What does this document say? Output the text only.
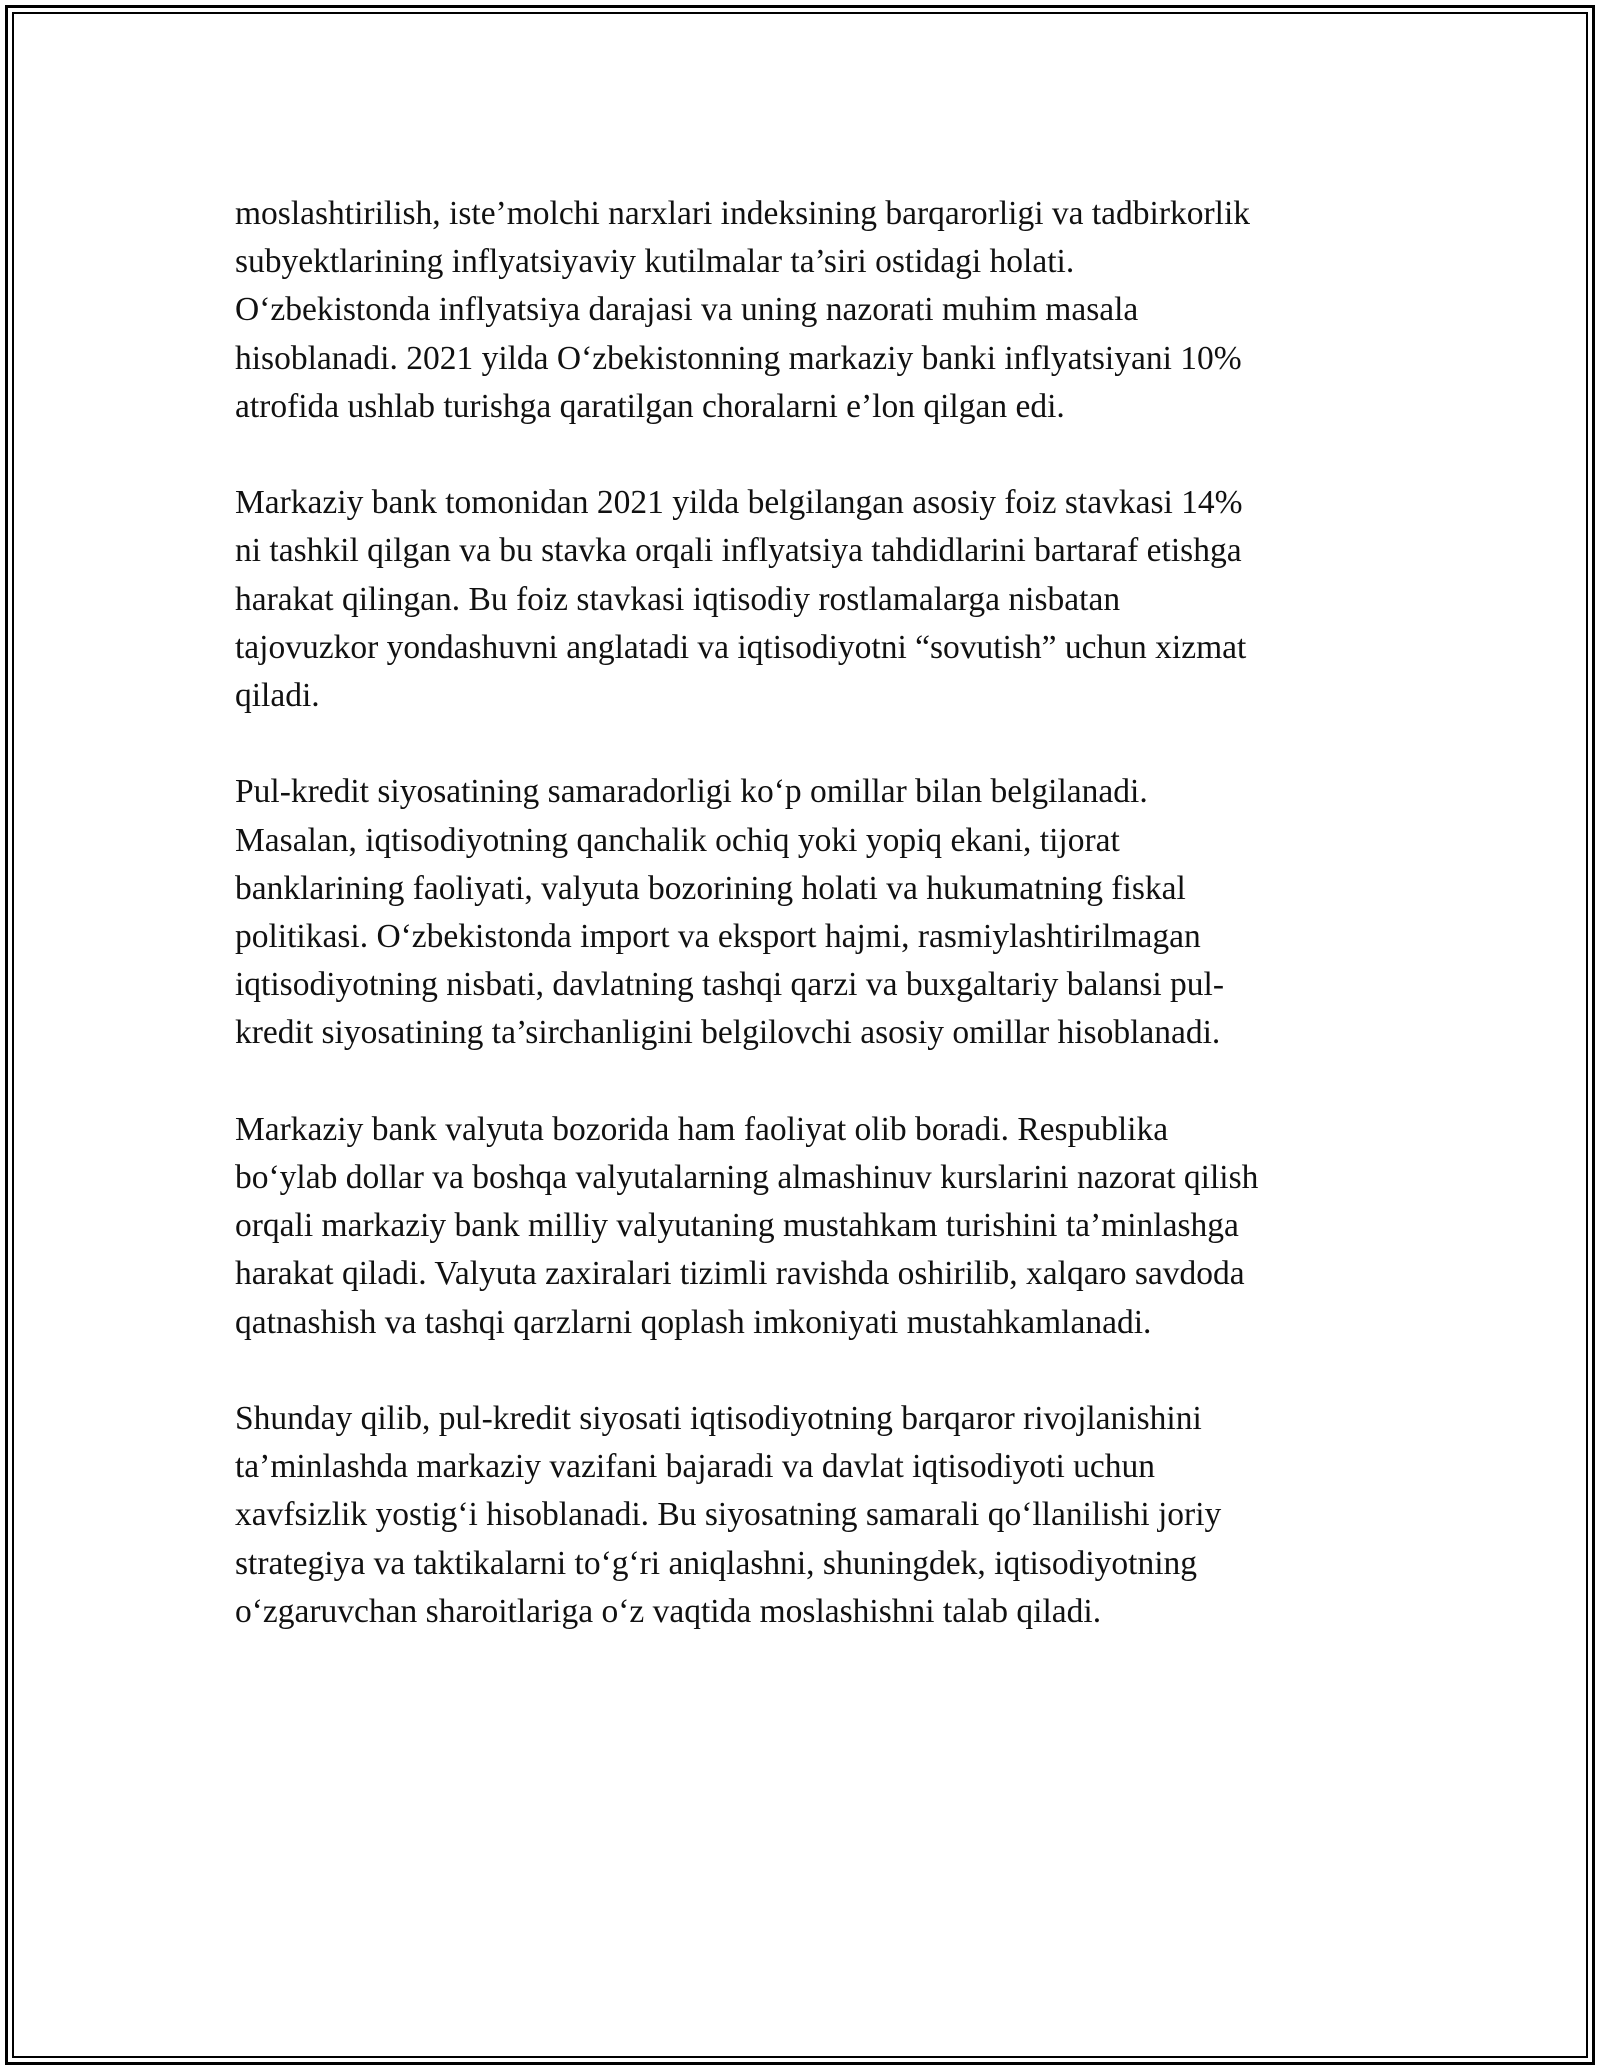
moslashtirilish, iste’molchi narxlari indeksining barqarorligi va tadbirkorlik
subyektlarining inflyatsiyaviy kutilmalar ta’siri ostidagi holati.
O‘zbekistonda inflyatsiya darajasi va uning nazorati muhim masala
hisoblanadi. 2021 yilda O‘zbekistonning markaziy banki inflyatsiyani 10%
atrofida ushlab turishga qaratilgan choralarni e’lon qilgan edi.

Markaziy bank tomonidan 2021 yilda belgilangan asosiy foiz stavkasi 14%
ni tashkil qilgan va bu stavka orqali inflyatsiya tahdidlarini bartaraf etishga
harakat qilingan. Bu foiz stavkasi iqtisodiy rostlamalarga nisbatan
tajovuzkor yondashuvni anglatadi va iqtisodiyotni “sovutish” uchun xizmat
qiladi.

Pul-kredit siyosatining samaradorligi ko‘p omillar bilan belgilanadi.
Masalan, iqtisodiyotning qanchalik ochiq yoki yopiq ekani, tijorat
banklarining faoliyati, valyuta bozorining holati va hukumatning fiskal
politikasi. O‘zbekistonda import va eksport hajmi, rasmiylashtirilmagan
iqtisodiyotning nisbati, davlatning tashqi qarzi va buxgaltariy balansi pul-
kredit siyosatining ta’sirchanligini belgilovchi asosiy omillar hisoblanadi.

Markaziy bank valyuta bozorida ham faoliyat olib boradi. Respublika
bo‘ylab dollar va boshqa valyutalarning almashinuv kurslarini nazorat qilish
orqali markaziy bank milliy valyutaning mustahkam turishini ta’minlashga
harakat qiladi. Valyuta zaxiralari tizimli ravishda oshirilib, xalqaro savdoda
qatnashish va tashqi qarzlarni qoplash imkoniyati mustahkamlanadi.

Shunday qilib, pul-kredit siyosati iqtisodiyotning barqaror rivojlanishini
ta’minlashda markaziy vazifani bajaradi va davlat iqtisodiyoti uchun
xavfsizlik yostig‘i hisoblanadi. Bu siyosatning samarali qo‘llanilishi joriy
strategiya va taktikalarni to‘g‘ri aniqlashni, shuningdek, iqtisodiyotning
o‘zgaruvchan sharoitlariga o‘z vaqtida moslashishni talab qiladi.
